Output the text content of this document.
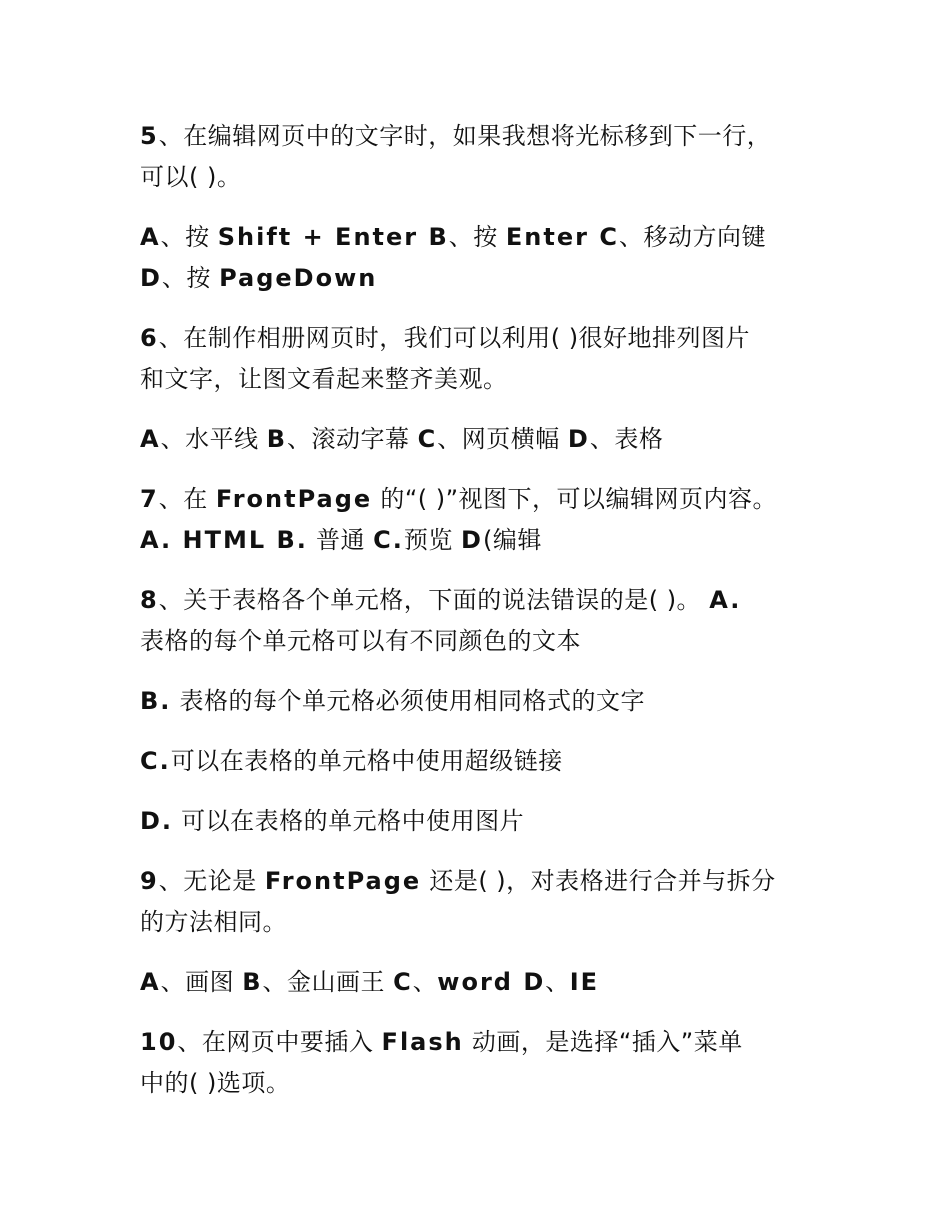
5、在编辑网页中的文字时，如果我想将光标移到下一行，
可以( )。
A、按 Shift + Enter B、按 Enter C、移动方向键
D、按 PageDown
6、在制作相册网页时，我们可以利用( )很好地排列图片
和文字，让图文看起来整齐美观。
A、水平线 B、滚动字幕 C、网页横幅 D、表格
7、在 FrontPage 的“( )”视图下，可以编辑网页内容。
A. HTML B. 普通 C.预览 D(编辑
8、关于表格各个单元格，下面的说法错误的是( )。 A.
表格的每个单元格可以有不同颜色的文本
B. 表格的每个单元格必须使用相同格式的文字
C.可以在表格的单元格中使用超级链接
D. 可以在表格的单元格中使用图片
9、无论是 FrontPage 还是( )，对表格进行合并与拆分
的方法相同。
A、画图 B、金山画王 C、word D、IE
10、在网页中要插入 Flash 动画，是选择“插入”菜单
中的( )选项。
